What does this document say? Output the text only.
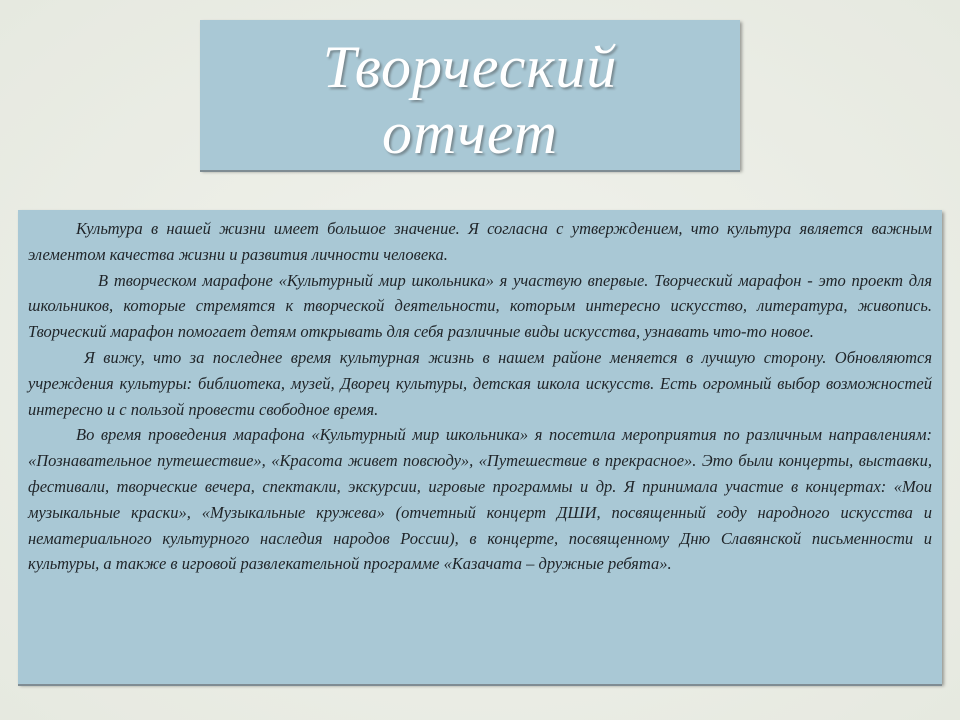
Творческий
отчет

Культура в нашей жизни имеет большое значение. Я согласна с утверждением, что культура является важным элементом качества жизни и развития личности человека.

В творческом марафоне «Культурный мир школьника» я участвую впервые. Творческий марафон - это проект для школьников, которые стремятся к творческой деятельности, которым интересно искусство, литература, живопись. Творческий марафон помогает детям открывать для себя различные виды искусства, узнавать что-то новое.

Я вижу, что за последнее время культурная жизнь в нашем районе меняется в лучшую сторону. Обновляются учреждения культуры: библиотека, музей, Дворец культуры, детская школа искусств. Есть огромный выбор возможностей интересно и с пользой провести свободное время.

Во время проведения марафона «Культурный мир школьника» я посетила мероприятия по различным направлениям: «Познавательное путешествие», «Красота живет повсюду», «Путешествие в прекрасное». Это были концерты, выставки, фестивали, творческие вечера, спектакли, экскурсии, игровые программы и др. Я принимала участие в концертах: «Мои музыкальные краски», «Музыкальные кружева» (отчетный концерт ДШИ, посвященный году народного искусства и нематериального культурного наследия народов России), в концерте, посвященному Дню Славянской письменности и культуры, а также в игровой развлекательной программе «Казачата – дружные ребята».
